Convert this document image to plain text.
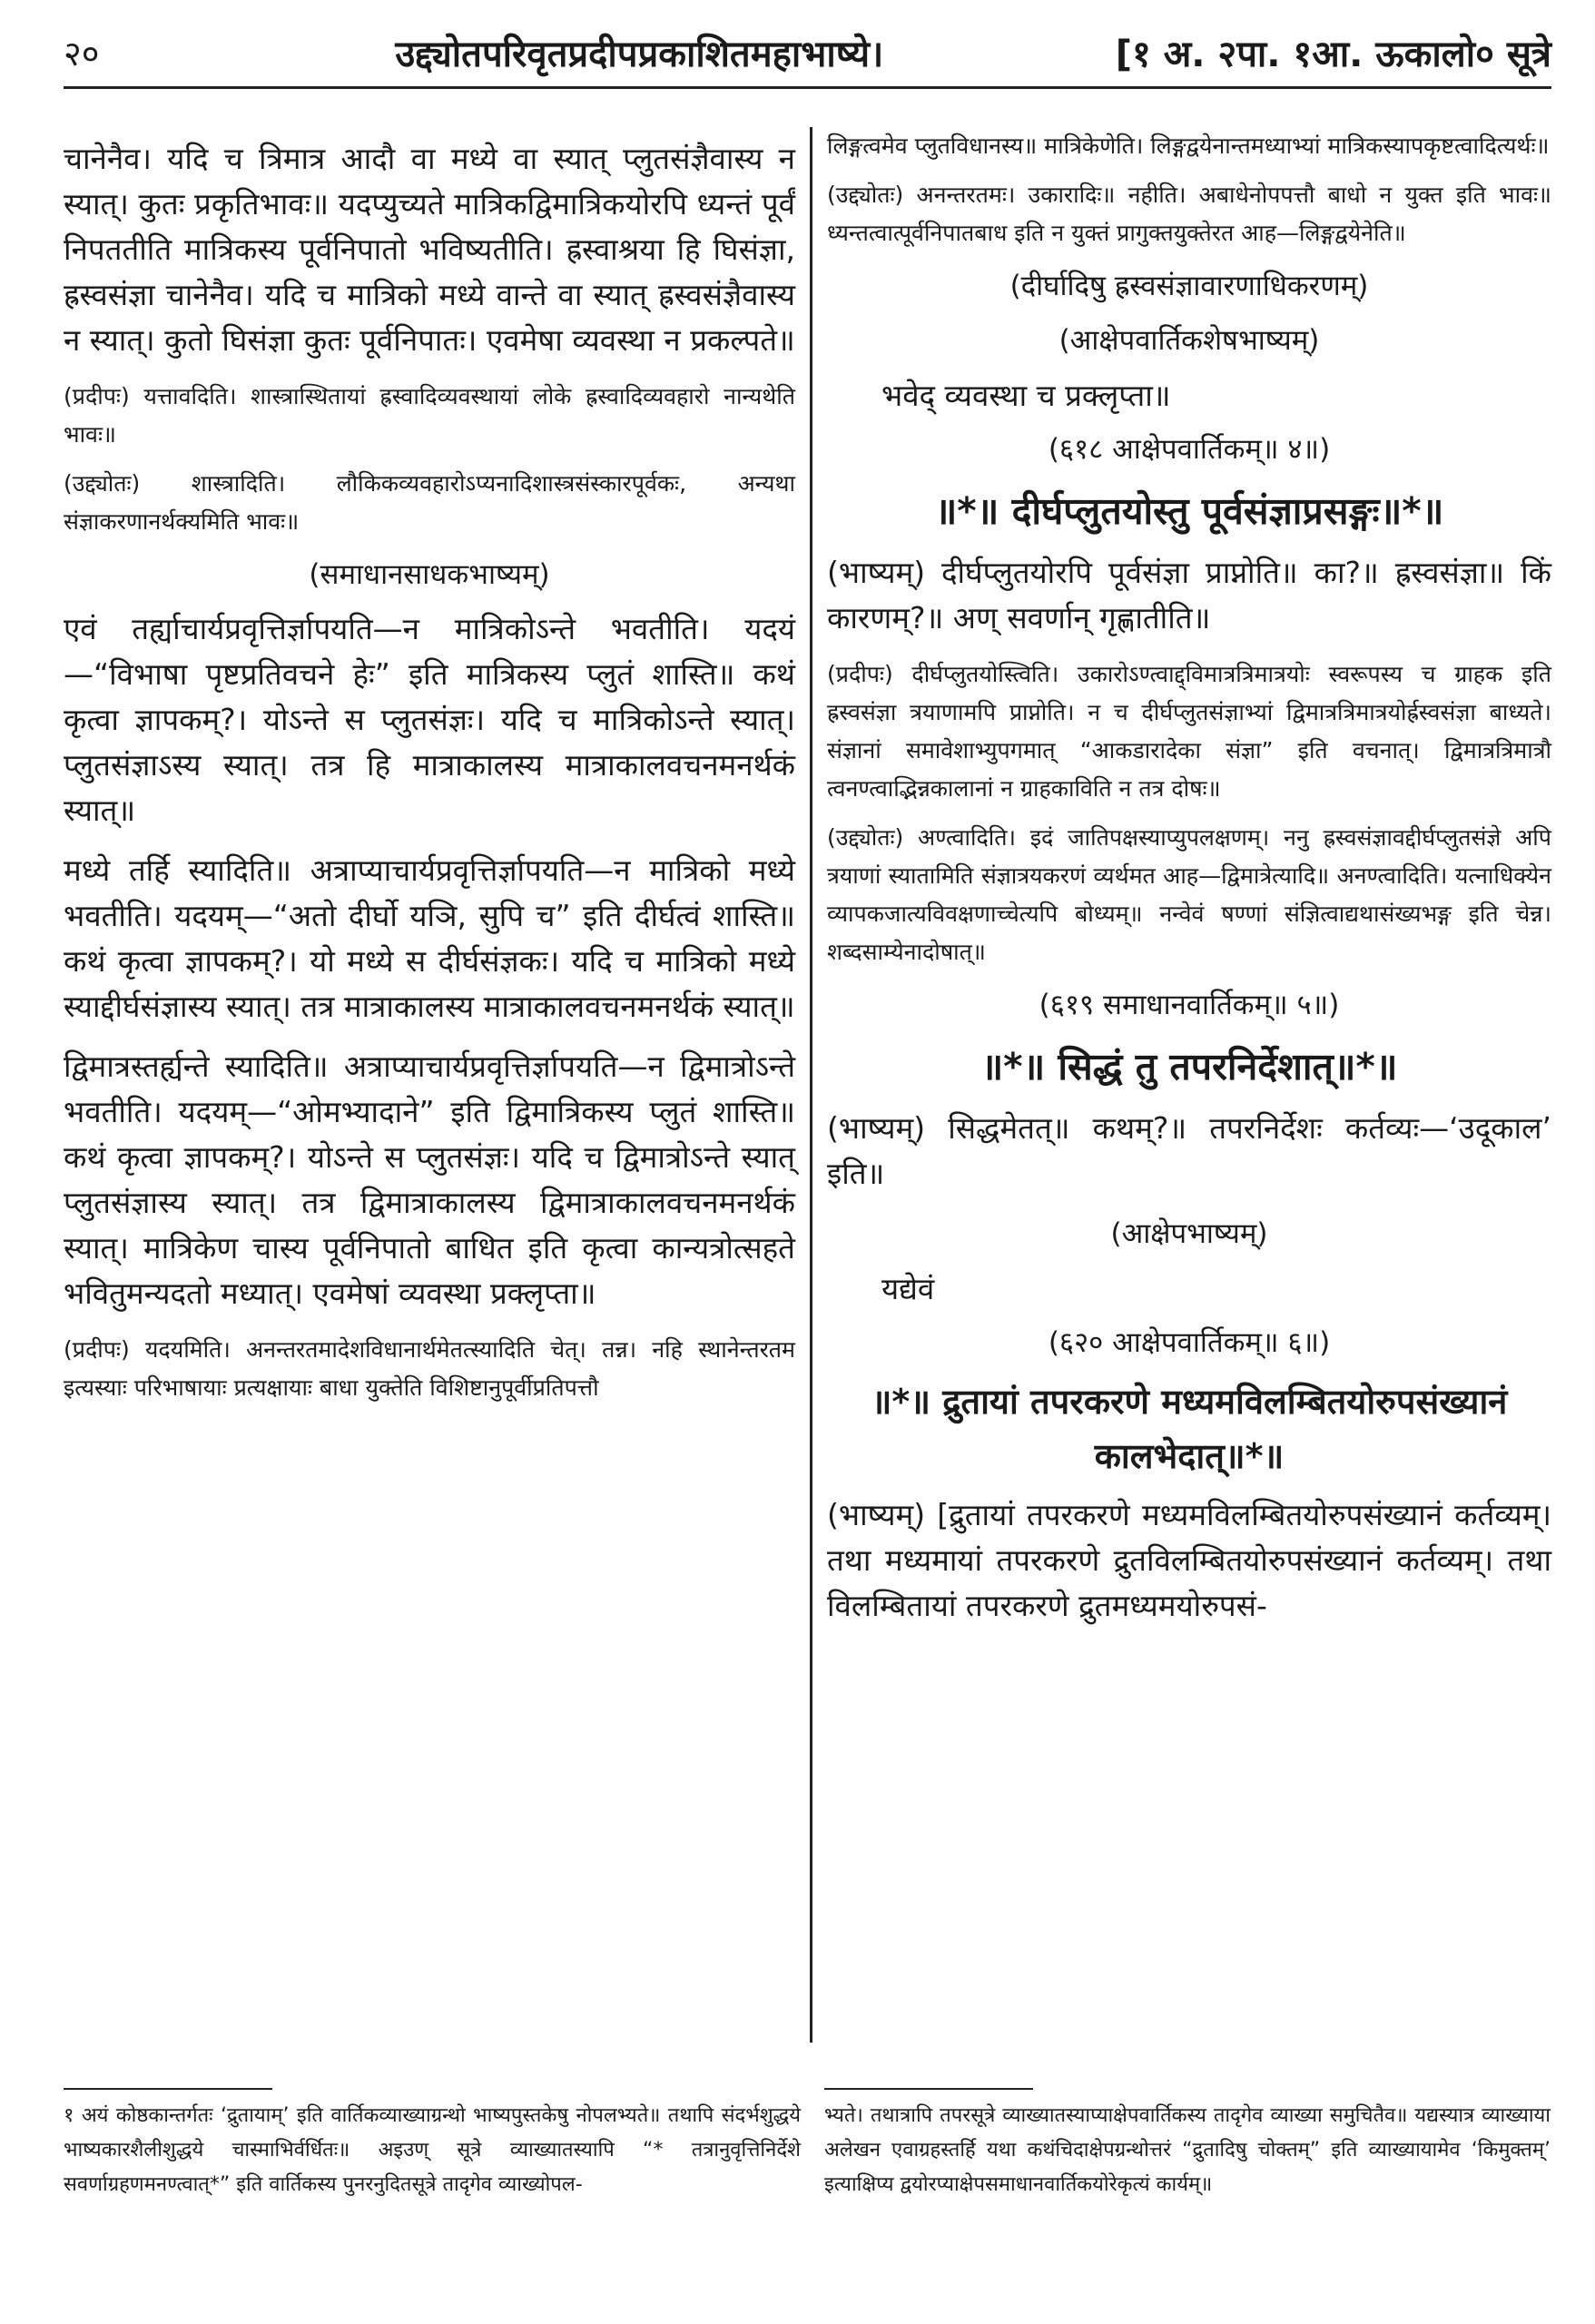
२०	उद्द्योतपरिवृतप्रदीपप्रकाशितमहाभाष्ये।	[१ अ. २पा. १आ. ऊकालो० सूत्रे

चानेनैव। यदि च त्रिमात्र आदौ वा मध्ये वा स्यात् प्लुतसंज्ञैवास्य न स्यात्। कुतः प्रकृतिभावः॥ यदप्युच्यते मात्रिकद्विमात्रिकयोरपि ध्यन्तं पूर्वं निपततीति मात्रिकस्य पूर्वनिपातो भविष्यतीति। ह्रस्वाश्रया हि घिसंज्ञा, ह्रस्वसंज्ञा चानेनैव। यदि च मात्रिको मध्ये वान्ते वा स्यात् ह्रस्वसंज्ञैवास्य न स्यात्। कुतो घिसंज्ञा कुतः पूर्वनिपातः। एवमेषा व्यवस्था न प्रकल्पते॥

(प्रदीपः) यत्तावदिति। शास्त्रास्थितायां ह्रस्वादिव्यवस्थायां लोके ह्रस्वादिव्यवहारो नान्यथेति भावः॥

(उद्द्योतः) शास्त्रादिति। लौकिकव्यवहारोऽप्यनादिशास्त्रसंस्कारपूर्वकः, अन्यथा संज्ञाकरणानर्थक्यमिति भावः॥

(समाधानसाधकभाष्यम्)

एवं तर्ह्याचार्यप्रवृत्तिर्ज्ञापयति—न मात्रिकोऽन्ते भवतीति। यदयं—“विभाषा पृष्टप्रतिवचने हेः” इति मात्रिकस्य प्लुतं शास्ति॥ कथं कृत्वा ज्ञापकम्?। योऽन्ते स प्लुतसंज्ञः। यदि च मात्रिकोऽन्ते स्यात्। प्लुतसंज्ञाऽस्य स्यात्। तत्र हि मात्राकालस्य मात्राकालवचनमनर्थकं स्यात्॥

मध्ये तर्हि स्यादिति॥ अत्राप्याचार्यप्रवृत्तिर्ज्ञापयति—न मात्रिको मध्ये भवतीति। यदयम्—“अतो दीर्घो यञि, सुपि च” इति दीर्घत्वं शास्ति॥ कथं कृत्वा ज्ञापकम्?। यो मध्ये स दीर्घसंज्ञकः। यदि च मात्रिको मध्ये स्याद्दीर्घसंज्ञास्य स्यात्। तत्र मात्राकालस्य मात्राकालवचनमनर्थकं स्यात्॥

द्विमात्रस्तर्ह्यन्ते स्यादिति॥ अत्राप्याचार्यप्रवृत्तिर्ज्ञापयति—न द्विमात्रोऽन्ते भवतीति। यदयम्—“ओमभ्यादाने” इति द्विमात्रिकस्य प्लुतं शास्ति॥ कथं कृत्वा ज्ञापकम्?। योऽन्ते स प्लुतसंज्ञः। यदि च द्विमात्रोऽन्ते स्यात् प्लुतसंज्ञास्य स्यात्। तत्र द्विमात्राकालस्य द्विमात्राकालवचनमनर्थकं स्यात्। मात्रिकेण चास्य पूर्वनिपातो बाधित इति कृत्वा कान्यत्रोत्सहते भवितुमन्यदतो मध्यात्। एवमेषां व्यवस्था प्रक्लृप्ता॥

(प्रदीपः) यदयमिति। अनन्तरतमादेशविधानार्थमेतत्स्यादिति चेत्। तन्न। नहि स्थानेन्तरतम इत्यस्याः परिभाषायाः प्रत्यक्षायाः बाधा युक्तेति विशिष्टानुपूर्वीप्रतिपत्तौ

लिङ्गत्वमेव प्लुतविधानस्य॥ मात्रिकेणेति। लिङ्गद्वयेनान्तमध्याभ्यां मात्रिकस्यापकृष्टत्वादित्यर्थः॥

(उद्द्योतः) अनन्तरतमः। उकारादिः॥ नहीति। अबाधेनोपपत्तौ बाधो न युक्त इति भावः॥ ध्यन्तत्वात्पूर्वनिपातबाध इति न युक्तं प्रागुक्तयुक्तेरत आह—लिङ्गद्वयेनेति॥

(दीर्घादिषु ह्रस्वसंज्ञावारणाधिकरणम्)
(आक्षेपवार्तिकशेषभाष्यम्)
भवेद् व्यवस्था च प्रक्लृप्ता॥
(६१८ आक्षेपवार्तिकम्॥ ४॥)
॥*॥ दीर्घप्लुतयोस्तु पूर्वसंज्ञाप्रसङ्गः॥*॥

(भाष्यम्) दीर्घप्लुतयोरपि पूर्वसंज्ञा प्राप्नोति॥ का?॥ ह्रस्वसंज्ञा॥ किं कारणम्?॥ अण् सवर्णान् गृह्णातीति॥

(प्रदीपः) दीर्घप्लुतयोस्त्विति। उकारोऽण्त्वाद्द्विमात्रत्रिमात्रयोः स्वरूपस्य च ग्राहक इति ह्रस्वसंज्ञा त्रयाणामपि प्राप्नोति। न च दीर्घप्लुतसंज्ञाभ्यां द्विमात्रत्रिमात्रयोर्ह्रस्वसंज्ञा बाध्यते। संज्ञानां समावेशाभ्युपगमात् “आकडारादेका संज्ञा” इति वचनात्। द्विमात्रत्रिमात्रौ त्वनण्त्वाद्भिन्नकालानां न ग्राहकाविति न तत्र दोषः॥

(उद्द्योतः) अण्त्वादिति। इदं जातिपक्षस्याप्युपलक्षणम्। ननु ह्रस्वसंज्ञावद्दीर्घप्लुतसंज्ञे अपि त्रयाणां स्यातामिति संज्ञात्रयकरणं व्यर्थमत आह—द्विमात्रेत्यादि॥ अनण्त्वादिति। यत्नाधिक्येन व्यापकजात्यविवक्षणाच्चेत्यपि बोध्यम्॥ नन्वेवं षण्णां संज्ञित्वाद्यथासंख्यभङ्ग इति चेन्न। शब्दसाम्येनादोषात्॥

(६१९ समाधानवार्तिकम्॥ ५॥)
॥*॥ सिद्धं तु तपरनिर्देशात्॥*॥

(भाष्यम्) सिद्धमेतत्॥ कथम्?॥ तपरनिर्देशः कर्तव्यः—‘उदूकाल’ इति॥

(आक्षेपभाष्यम्)
यद्येवं
(६२० आक्षेपवार्तिकम्॥ ६॥)
॥*॥ द्रुतायां तपरकरणे मध्यमविलम्बितयोरुपसंख्यानं कालभेदात्॥*॥

(भाष्यम्) [द्रुतायां तपरकरणे मध्यमविलम्बितयोरुपसंख्यानं कर्तव्यम्। तथा मध्यमायां तपरकरणे द्रुतविलम्बितयोरुपसंख्यानं कर्तव्यम्। तथा विलम्बितायां तपरकरणे द्रुतमध्यमयोरुपसं-

१ अयं कोष्ठकान्तर्गतः ‘द्रुतायाम्’ इति वार्तिकव्याख्याग्रन्थो भाष्यपुस्तकेषु नोपलभ्यते॥ तथापि संदर्भशुद्धये भाष्यकारशैलीशुद्धये चास्माभिर्वर्धितः॥ अइउण् सूत्रे व्याख्यातस्यापि “* तत्रानुवृत्तिनिर्देशे सवर्णाग्रहणमनण्त्वात्*” इति वार्तिकस्य पुनरनुदितसूत्रे तादृगेव व्याख्योपल-
भ्यते। तथात्रापि तपरसूत्रे व्याख्यातस्याप्याक्षेपवार्तिकस्य तादृगेव व्याख्या समुचितैव॥ यद्यस्यात्र व्याख्याया अलेखन एवाग्रहस्तर्हि यथा कथंचिदाक्षेपग्रन्थोत्तरं “द्रुतादिषु चोक्तम्” इति व्याख्यायामेव ‘किमुक्तम्’ इत्याक्षिप्य द्वयोरप्याक्षेपसमाधानवार्तिकयोरेकृत्यं कार्यम्॥
